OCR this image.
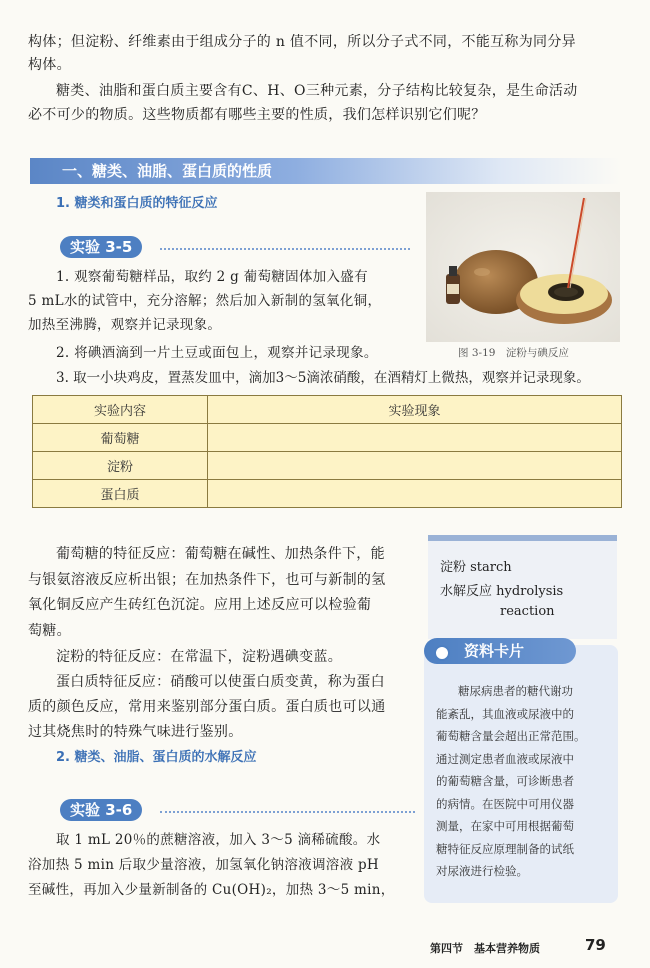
构体；但淀粉、纤维素由于组成分子的 n 值不同，所以分子式不同，不能互称为同分异
构体。
糖类、油脂和蛋白质主要含有C、H、O三种元素，分子结构比较复杂，是生命活动
必不可少的物质。这些物质都有哪些主要的性质，我们怎样识别它们呢？
一、糖类、油脂、蛋白质的性质
1. 糖类和蛋白质的特征反应
实验 3-5
1. 观察葡萄糖样品，取约 2 g 葡萄糖固体加入盛有
5 mL水的试管中，充分溶解；然后加入新制的氢氧化铜，
加热至沸腾，观察并记录现象。
2. 将碘酒滴到一片土豆或面包上，观察并记录现象。
3. 取一小块鸡皮，置蒸发皿中，滴加3～5滴浓硝酸，在酒精灯上微热，观察并记录现象。
图 3-19　淀粉与碘反应
实验内容	实验现象
葡萄糖	
淀粉	
蛋白质	
葡萄糖的特征反应：葡萄糖在碱性、加热条件下，能
与银氨溶液反应析出银；在加热条件下，也可与新制的氢
氧化铜反应产生砖红色沉淀。应用上述反应可以检验葡
萄糖。
淀粉的特征反应：在常温下，淀粉遇碘变蓝。
蛋白质特征反应：硝酸可以使蛋白质变黄，称为蛋白
质的颜色反应，常用来鉴别部分蛋白质。蛋白质也可以通
过其烧焦时的特殊气味进行鉴别。
2. 糖类、油脂、蛋白质的水解反应
实验 3-6
取 1 mL 20％的蔗糖溶液，加入 3～5 滴稀硫酸。水
浴加热 5 min 后取少量溶液，加氢氧化钠溶液调溶液 pH
至碱性，再加入少量新制备的 Cu(OH)₂，加热 3～5 min，
淀粉 starch
水解反应 hydrolysis
reaction
资料卡片
糖尿病患者的糖代谢功
能紊乱，其血液或尿液中的
葡萄糖含量会超出正常范围。
通过测定患者血液或尿液中
的葡萄糖含量，可诊断患者
的病情。在医院中可用仪器
测量，在家中可用根据葡萄
糖特征反应原理制备的试纸
对尿液进行检验。
第四节　基本营养物质	79
